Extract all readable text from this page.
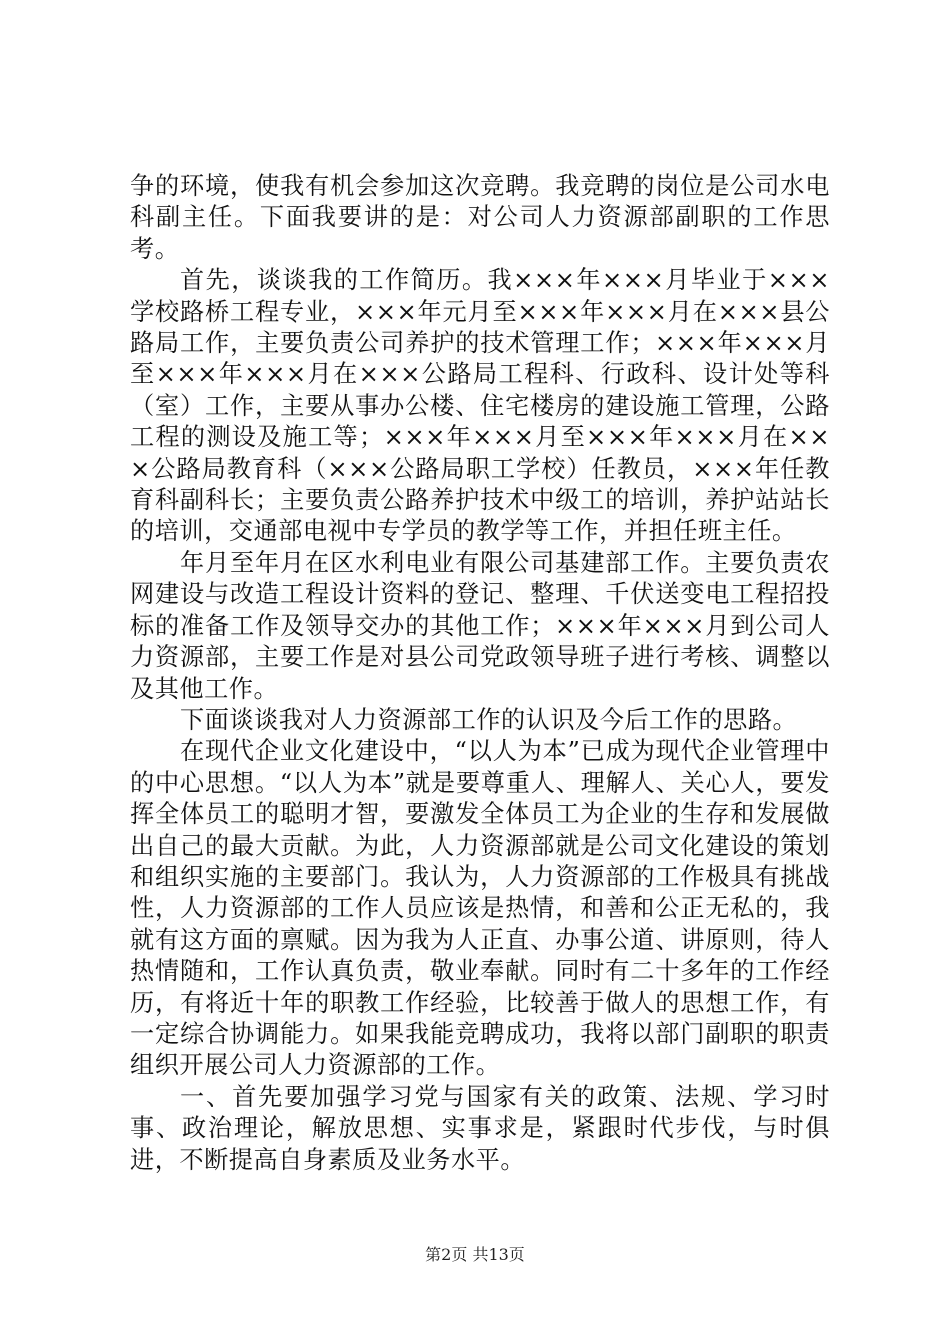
争的环境，使我有机会参加这次竞聘。我竞聘的岗位是公司水电科副主任。下面我要讲的是：对公司人力资源部副职的工作思考。

首先，谈谈我的工作简历。我×××年×××月毕业于×××学校路桥工程专业，×××年元月至×××年×××月在×××县公路局工作，主要负责公司养护的技术管理工作；×××年×××月至×××年×××月在×××公路局工程科、行政科、设计处等科（室）工作，主要从事办公楼、住宅楼房的建设施工管理，公路工程的测设及施工等；×××年×××月至×××年×××月在×××公路局教育科（×××公路局职工学校）任教员，×××年任教育科副科长；主要负责公路养护技术中级工的培训，养护站站长的培训，交通部电视中专学员的教学等工作，并担任班主任。

年月至年月在区水利电业有限公司基建部工作。主要负责农网建设与改造工程设计资料的登记、整理、千伏送变电工程招投标的准备工作及领导交办的其他工作；×××年×××月到公司人力资源部，主要工作是对县公司党政领导班子进行考核、调整以及其他工作。

下面谈谈我对人力资源部工作的认识及今后工作的思路。

在现代企业文化建设中，“以人为本”已成为现代企业管理中的中心思想。“以人为本”就是要尊重人、理解人、关心人，要发挥全体员工的聪明才智，要激发全体员工为企业的生存和发展做出自己的最大贡献。为此，人力资源部就是公司文化建设的策划和组织实施的主要部门。我认为，人力资源部的工作极具有挑战性，人力资源部的工作人员应该是热情，和善和公正无私的，我就有这方面的禀赋。因为我为人正直、办事公道、讲原则，待人热情随和，工作认真负责，敬业奉献。同时有二十多年的工作经历，有将近十年的职教工作经验，比较善于做人的思想工作，有一定综合协调能力。如果我能竞聘成功，我将以部门副职的职责组织开展公司人力资源部的工作。

一、首先要加强学习党与国家有关的政策、法规、学习时事、政治理论，解放思想、实事求是，紧跟时代步伐，与时俱进，不断提高自身素质及业务水平。

第2页 共13页
